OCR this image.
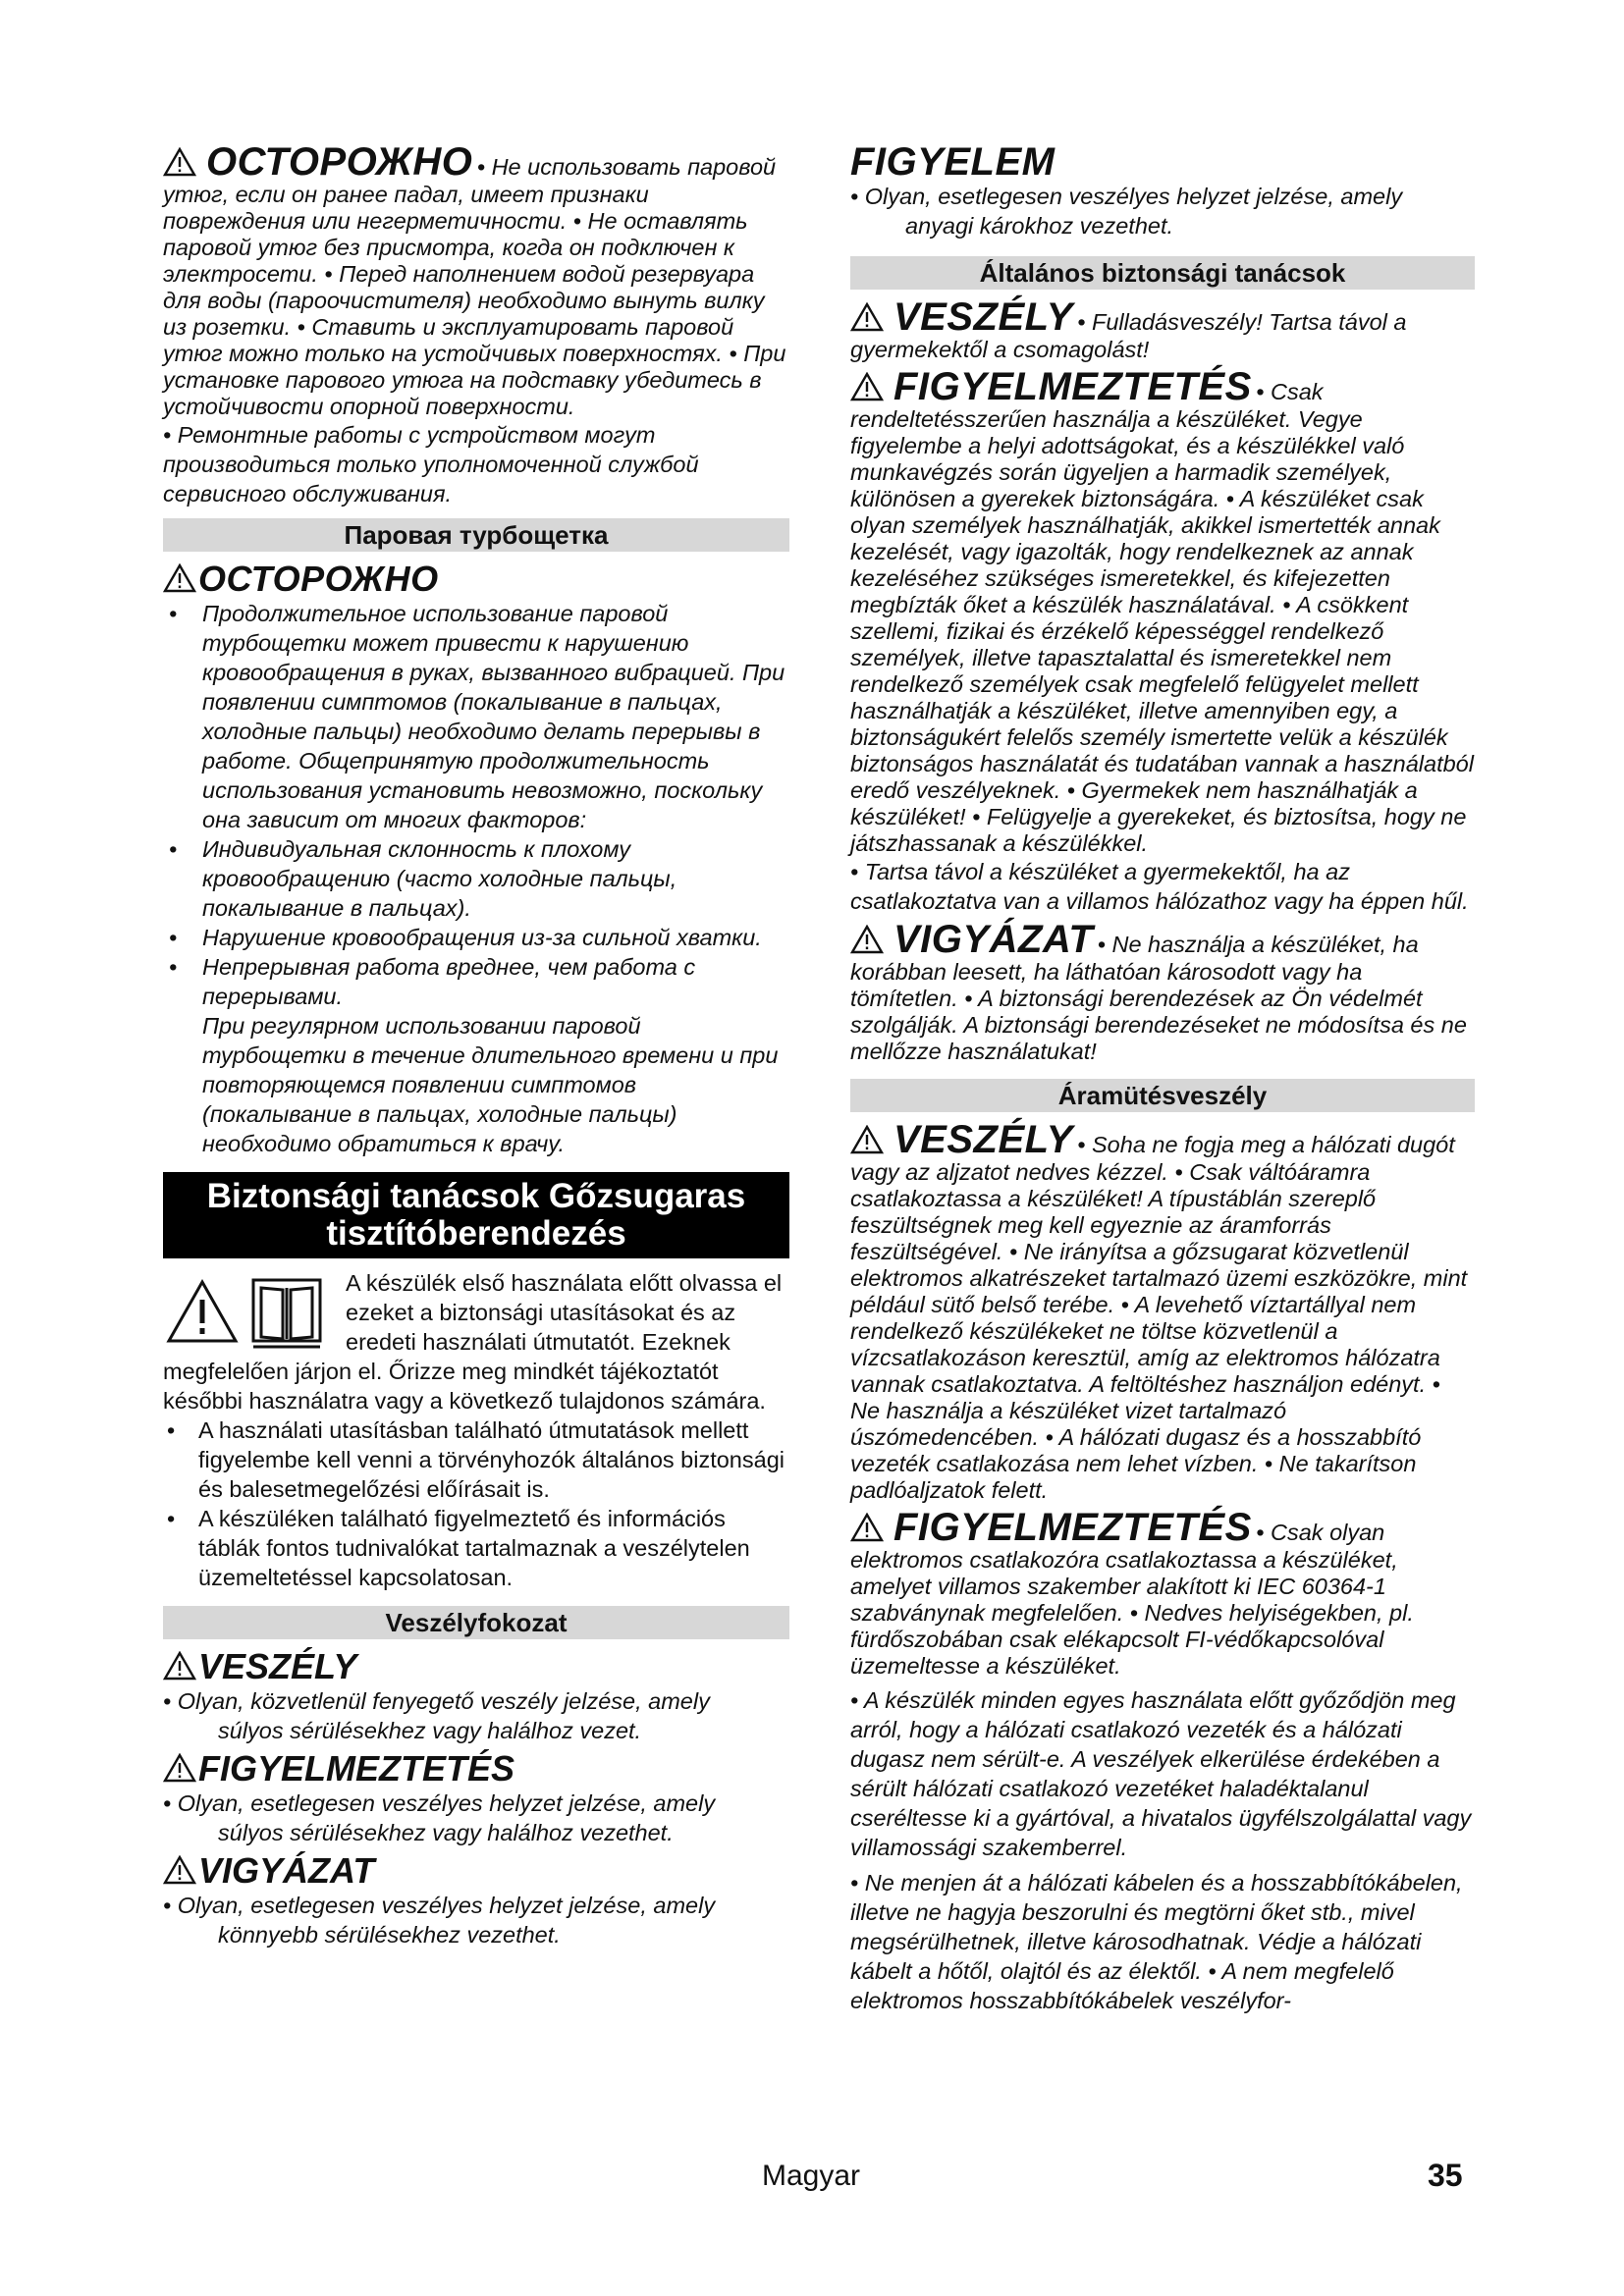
ОСТОРОЖНО • Не использовать паровой утюг, если он ранее падал, имеет признаки повреждения или негерметичности. • Не оставлять паровой утюг без присмотра, когда он подключен к электросети. • Перед наполнением водой резервуара для воды (пароочистителя) необходимо вынуть вилку из розетки. • Ставить и эксплуатировать паровой утюг можно только на устойчивых поверхностях. • При установке парового утюга на подставку убедитесь в устойчивости опорной поверхности.

• Ремонтные работы с устройством могут производиться только уполномоченной службой сервисного обслуживания.

Паровая турбощетка
ОСТОРОЖНО
• Продолжительное использование паровой турбощетки может привести к нарушению кровообращения в руках, вызванного вибрацией. При появлении симптомов (покалывание в пальцах, холодные пальцы) необходимо делать перерывы в работе. Общепринятую продолжительность использования установить невозможно, поскольку она зависит от многих факторов:
• Индивидуальная склонность к плохому кровообращению (часто холодные пальцы, покалывание в пальцах).
• Нарушение кровообращения из-за сильной хватки.
• Непрерывная работа вреднее, чем работа с перерывами.
При регулярном использовании паровой турбощетки в течение длительного времени и при повторяющемся появлении симптомов (покалывание в пальцах, холодные пальцы) необходимо обратиться к врачу.
Biztonsági tanácsok Gőzsugaras tisztítóberendezés
A készülék első használata előtt olvassa el ezeket a biztonsági utasításokat és az eredeti használati útmutatót. Ezeknek megfelelően járjon el. Őrizze meg mindkét tájékoztatót későbbi használatra vagy a következő tulajdonos számára.
• A használati utasításban található útmutatások mellett figyelembe kell venni a törvényhozók általános biztonsági és balesetmegelőzési előírásait is.
• A készüléken található figyelmeztető és információs táblák fontos tudnivalókat tartalmaznak a veszélytelen üzemeltetéssel kapcsolatosan.
Veszélyfokozat
VESZÉLY
• Olyan, közvetlenül fenyegető veszély jelzése, amely
súlyos sérülésekhez vagy halálhoz vezet.
FIGYELMEZTETÉS
• Olyan, esetlegesen veszélyes helyzet jelzése, amely
súlyos sérülésekhez vagy halálhoz vezethet.
VIGYÁZAT
• Olyan, esetlegesen veszélyes helyzet jelzése, amely
könnyebb sérülésekhez vezethet.
FIGYELEM
• Olyan, esetlegesen veszélyes helyzet jelzése, amely
anyagi károkhoz vezethet.
Általános biztonsági tanácsok
VESZÉLY • Fulladásveszély! Tartsa távol a gyermekektől a csomagolást!
FIGYELMEZTETÉS • Csak rendeltetésszerűen használja a készüléket. Vegye figyelembe a helyi adottságokat, és a készülékkel való munkavégzés során ügyeljen a harmadik személyek, különösen a gyerekek biztonságára. • A készüléket csak olyan személyek használhatják, akikkel ismertették annak kezelését, vagy igazolták, hogy rendelkeznek az annak kezeléséhez szükséges ismeretekkel, és kifejezetten megbízták őket a készülék használatával. • A csökkent szellemi, fizikai és érzékelő képességgel rendelkező személyek, illetve tapasztalattal és ismeretekkel nem rendelkező személyek csak megfelelő felügyelet mellett használhatják a készüléket, illetve amennyiben egy, a biztonságukért felelős személy ismertette velük a készülék biztonságos használatát és tudatában vannak a használatból eredő veszélyeknek. • Gyermekek nem használhatják a készüléket! • Felügyelje a gyerekeket, és biztosítsa, hogy ne játszhassanak a készülékkel.

• Tartsa távol a készüléket a gyermekektől, ha az csatlakoztatva van a villamos hálózathoz vagy ha éppen hűl.

VIGYÁZAT • Ne használja a készüléket, ha korábban leesett, ha láthatóan károsodott vagy ha tömítetlen. • A biztonsági berendezések az Ön védelmét szolgálják. A biztonsági berendezéseket ne módosítsa és ne mellőzze használatukat!
Áramütésveszély
VESZÉLY • Soha ne fogja meg a hálózati dugót vagy az aljzatot nedves kézzel. • Csak váltóáramra csatlakoztassa a készüléket! A típustáblán szereplő feszültségnek meg kell egyeznie az áramforrás feszültségével. • Ne irányítsa a gőzsugarat közvetlenül elektromos alkatrészeket tartalmazó üzemi eszközökre, mint például sütő belső terébe. • A levehető víztartállyal nem rendelkező készülékeket ne töltse közvetlenül a vízcsatlakozáson keresztül, amíg az elektromos hálózatra vannak csatlakoztatva. A feltöltéshez használjon edényt. • Ne használja a készüléket vizet tartalmazó úszómedencében. • A hálózati dugasz és a hosszabbító vezeték csatlakozása nem lehet vízben. • Ne takarítson padlóaljzatok felett.
FIGYELMEZTETÉS • Csak olyan elektromos csatlakozóra csatlakoztassa a készüléket, amelyet villamos szakember alakított ki IEC 60364-1 szabványnak megfelelően. • Nedves helyiségekben, pl. fürdőszobában csak elékapcsolt FI-védőkapcsolóval üzemeltesse a készüléket.

• A készülék minden egyes használata előtt győződjön meg arról, hogy a hálózati csatlakozó vezeték és a hálózati dugasz nem sérült-e. A veszélyek elkerülése érdekében a sérült hálózati csatlakozó vezetéket haladéktalanul cseréltesse ki a gyártóval, a hivatalos ügyfélszolgálattal vagy villamossági szakemberrel.

• Ne menjen át a hálózati kábelen és a hosszabbítókábelen, illetve ne hagyja beszorulni és megtörni őket stb., mivel megsérülhetnek, illetve károsodhatnak. Védje a hálózati kábelt a hőtől, olajtól és az élektől. • A nem megfelelő elektromos hosszabbítókábelek veszélyfor-

Magyar	35
